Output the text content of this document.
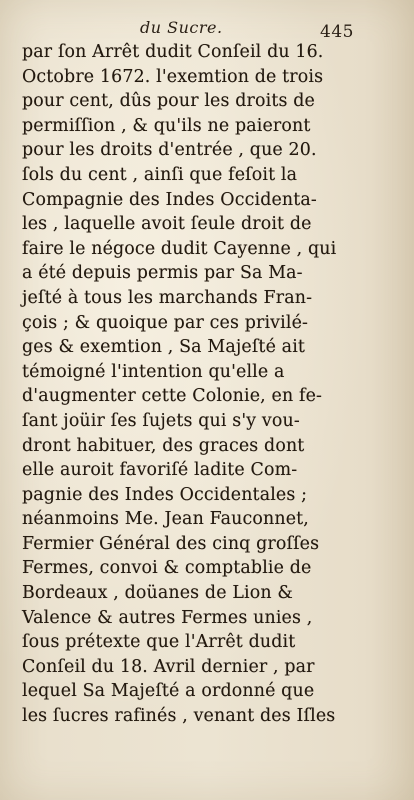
du Sucre.	445
par ſon Arrêt dudit Conſeil du 16.
Octobre 1672. l'exemtion de trois
pour cent, dûs pour les droits de
permiſſion , & qu'ils ne paieront
pour les droits d'entrée , que 20.
ſols du cent , ainſi que feſoit la
Compagnie des Indes Occidenta-
les , laquelle avoit ſeule droit de
faire le négoce dudit Cayenne , qui
a été depuis permis par Sa Ma-
jeſté à tous les marchands Fran-
çois ; & quoique par ces privilé-
ges & exemtion , Sa Majeſté ait
témoigné l'intention qu'elle a
d'augmenter cette Colonie, en fe-
ſant joüir ſes ſujets qui s'y vou-
dront habituer, des graces dont
elle auroit favoriſé ladite Com-
pagnie des Indes Occidentales ;
néanmoins Me. Jean Fauconnet,
Fermier Général des cinq groſſes
Fermes, convoi & comptablie de
Bordeaux , doüanes de Lion &
Valence & autres Fermes unies ,
ſous prétexte que l'Arrêt dudit
Conſeil du 18. Avril dernier , par
lequel Sa Majeſté a ordonné que
les ſucres rafinés , venant des Iſles
